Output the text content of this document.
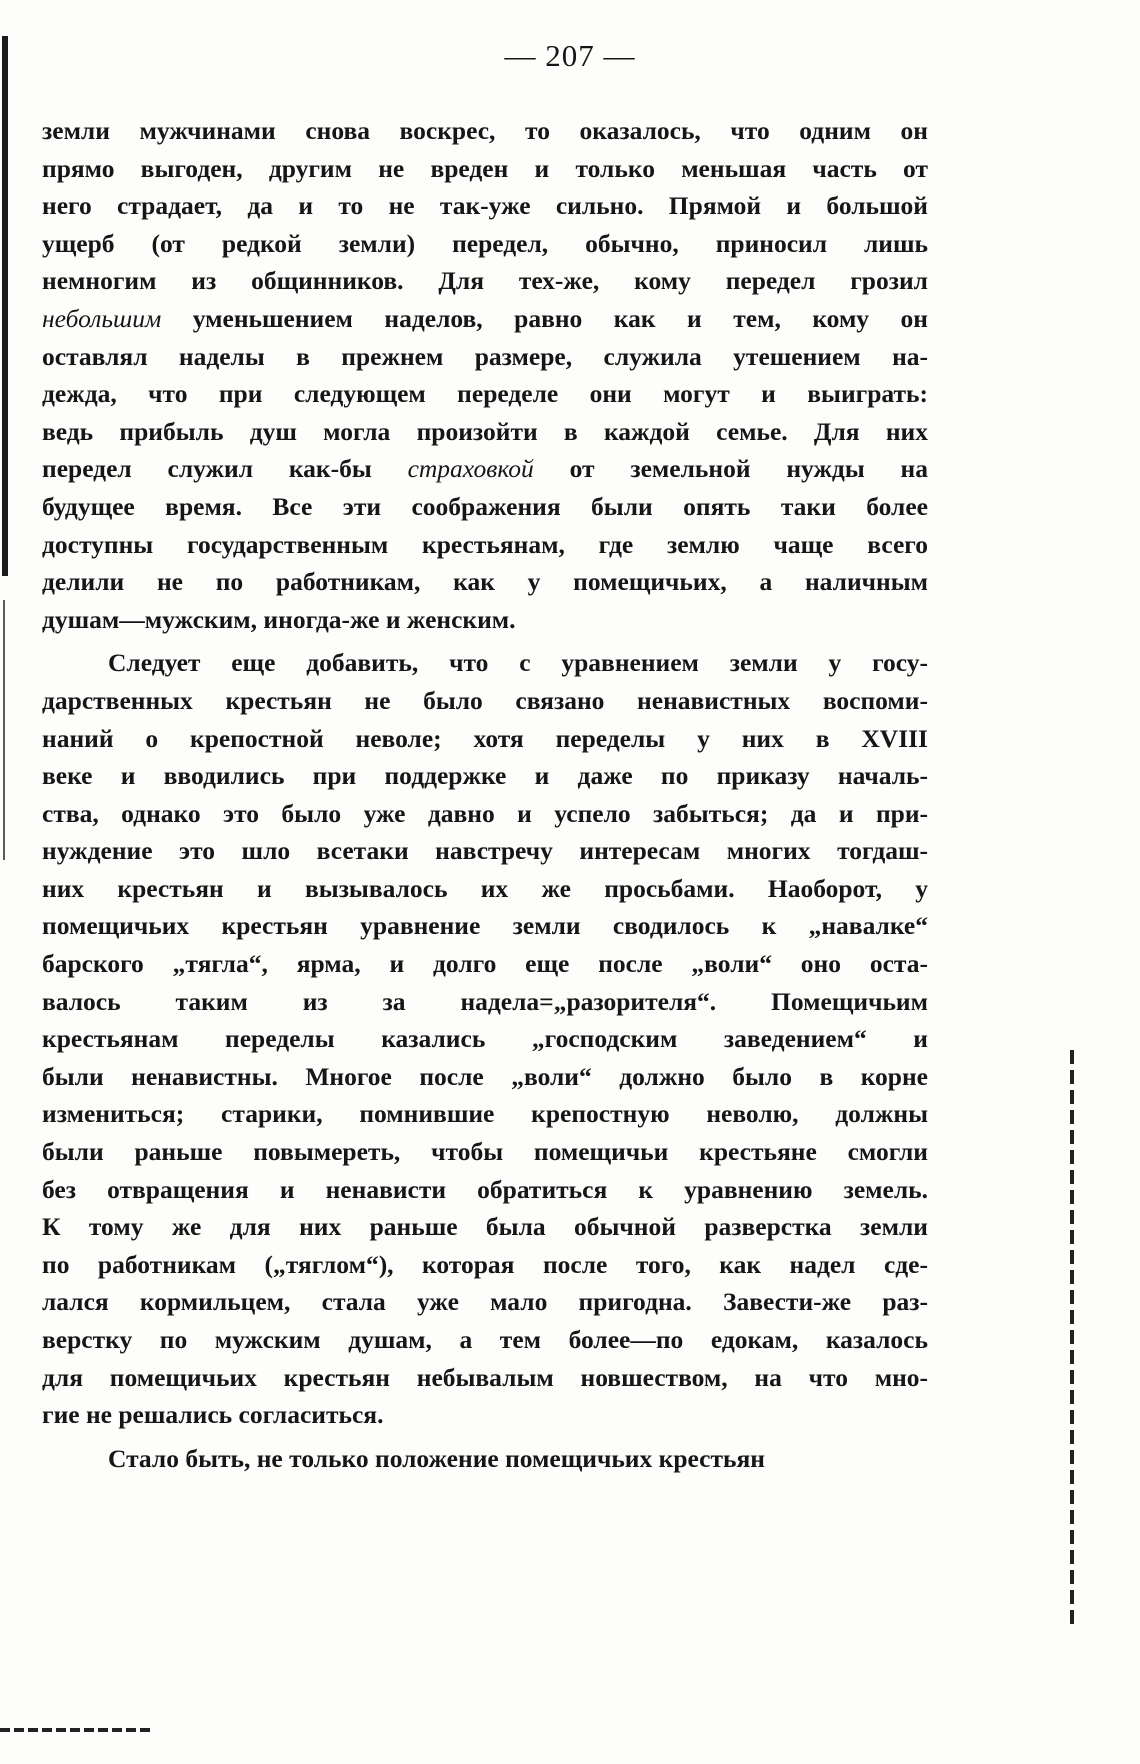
— 207 —
земли мужчинами снова воскрес, то оказалось, что одним он
прямо выгоден, другим не вреден и только меньшая часть от
него страдает, да и то не так-уже сильно. Прямой и большой
ущерб (от редкой земли) передел, обычно, приносил лишь
немногим из общинников. Для тех-же, кому передел грозил
небольшим уменьшением наделов, равно как и тем, кому он
оставлял наделы в прежнем размере, служила утешением на-
дежда, что при следующем переделе они могут и выиграть:
ведь прибыль душ могла произойти в каждой семье. Для них
передел служил как-бы страховкой от земельной нужды на
будущее время. Все эти соображения были опять таки более
доступны государственным крестьянам, где землю чаще всего
делили не по работникам, как у помещичьих, а наличным
душам—мужским, иногда-же и женским.
Следует еще добавить, что с уравнением земли у госу-
дарственных крестьян не было связано ненавистных воспоми-
наний о крепостной неволе; хотя переделы у них в XVIII
веке и вводились при поддержке и даже по приказу началь-
ства, однако это было уже давно и успело забыться; да и при-
нуждение это шло всетаки навстречу интересам многих тогдаш-
них крестьян и вызывалось их же просьбами. Наоборот, у
помещичьих крестьян уравнение земли сводилось к „навалке“
барского „тягла“, ярма, и долго еще после „воли“ оно оста-
валось таким из за надела=„разорителя“. Помещичьим
крестьянам переделы казались „господским заведением“ и
были ненавистны. Многое после „воли“ должно было в корне
измениться; старики, помнившие крепостную неволю, должны
были раньше повымереть, чтобы помещичьи крестьяне смогли
без отвращения и ненависти обратиться к уравнению земель.
К тому же для них раньше была обычной разверстка земли
по работникам („тяглом“), которая после того, как надел сде-
лался кормильцем, стала уже мало пригодна. Завести-же раз-
верстку по мужским душам, а тем более—по едокам, казалось
для помещичьих крестьян небывалым новшеством, на что мно-
гие не решались согласиться.
Стало быть, не только положение помещичьих крестьян
